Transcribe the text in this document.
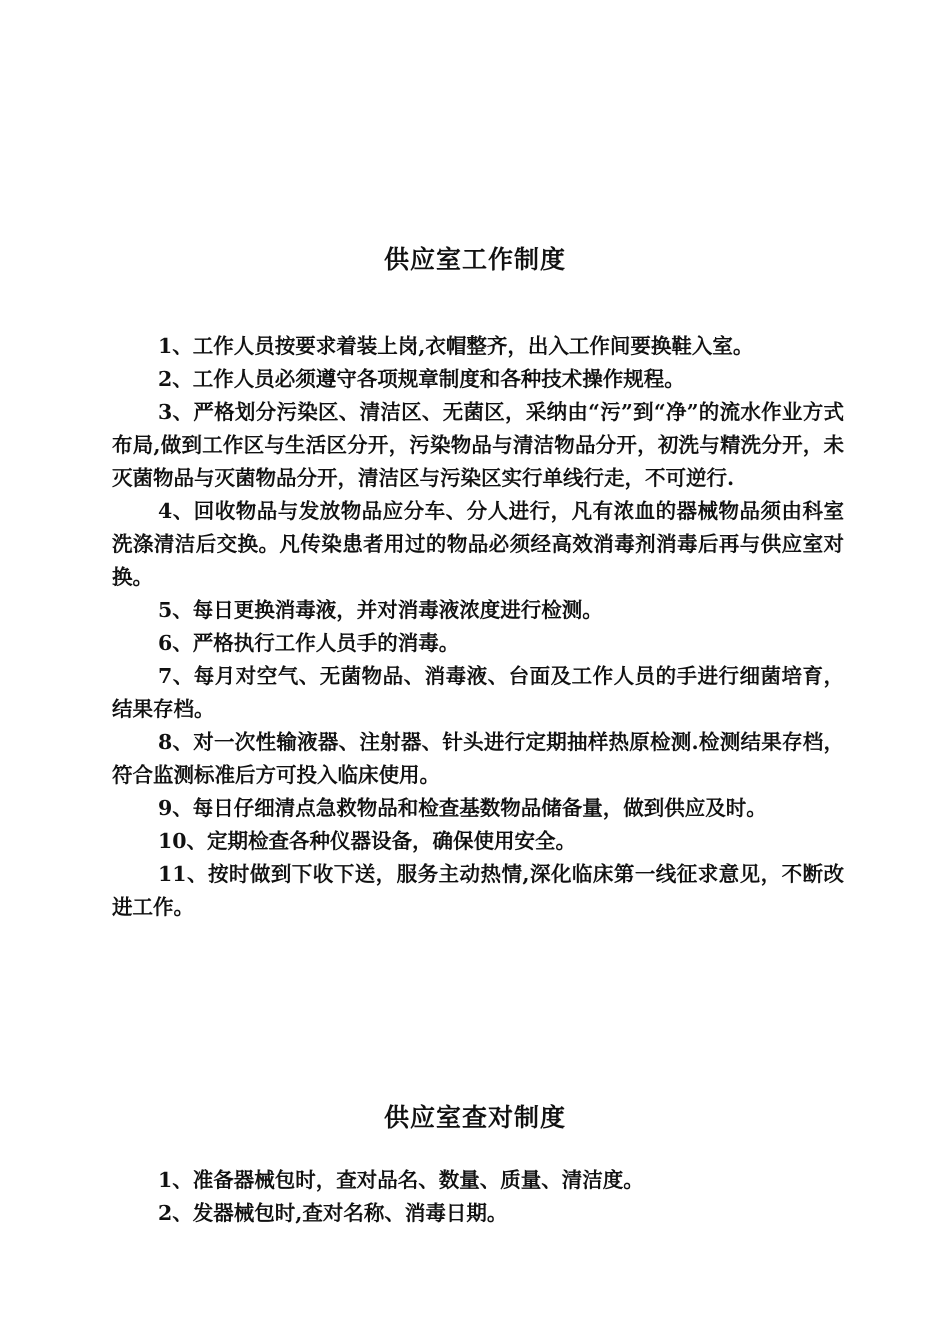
供应室工作制度

1、工作人员按要求着装上岗,衣帽整齐，出入工作间要换鞋入室。

2、工作人员必须遵守各项规章制度和各种技术操作规程。

3、严格划分污染区、清洁区、无菌区，采纳由“污”到“净”的流水作业方式布局,做到工作区与生活区分开，污染物品与清洁物品分开，初洗与精洗分开，未灭菌物品与灭菌物品分开，清洁区与污染区实行单线行走，不可逆行.

4、回收物品与发放物品应分车、分人进行，凡有浓血的器械物品须由科室洗涤清洁后交换。凡传染患者用过的物品必须经高效消毒剂消毒后再与供应室对换。

5、每日更换消毒液，并对消毒液浓度进行检测。

6、严格执行工作人员手的消毒。

7、每月对空气、无菌物品、消毒液、台面及工作人员的手进行细菌培育，结果存档。

8、对一次性输液器、注射器、针头进行定期抽样热原检测.检测结果存档，符合监测标准后方可投入临床使用。

9、每日仔细清点急救物品和检查基数物品储备量，做到供应及时。

10、定期检查各种仪器设备，确保使用安全。

11、按时做到下收下送，服务主动热情,深化临床第一线征求意见，不断改进工作。

供应室查对制度

1、准备器械包时，查对品名、数量、质量、清洁度。

2、发器械包时,查对名称、消毒日期。
